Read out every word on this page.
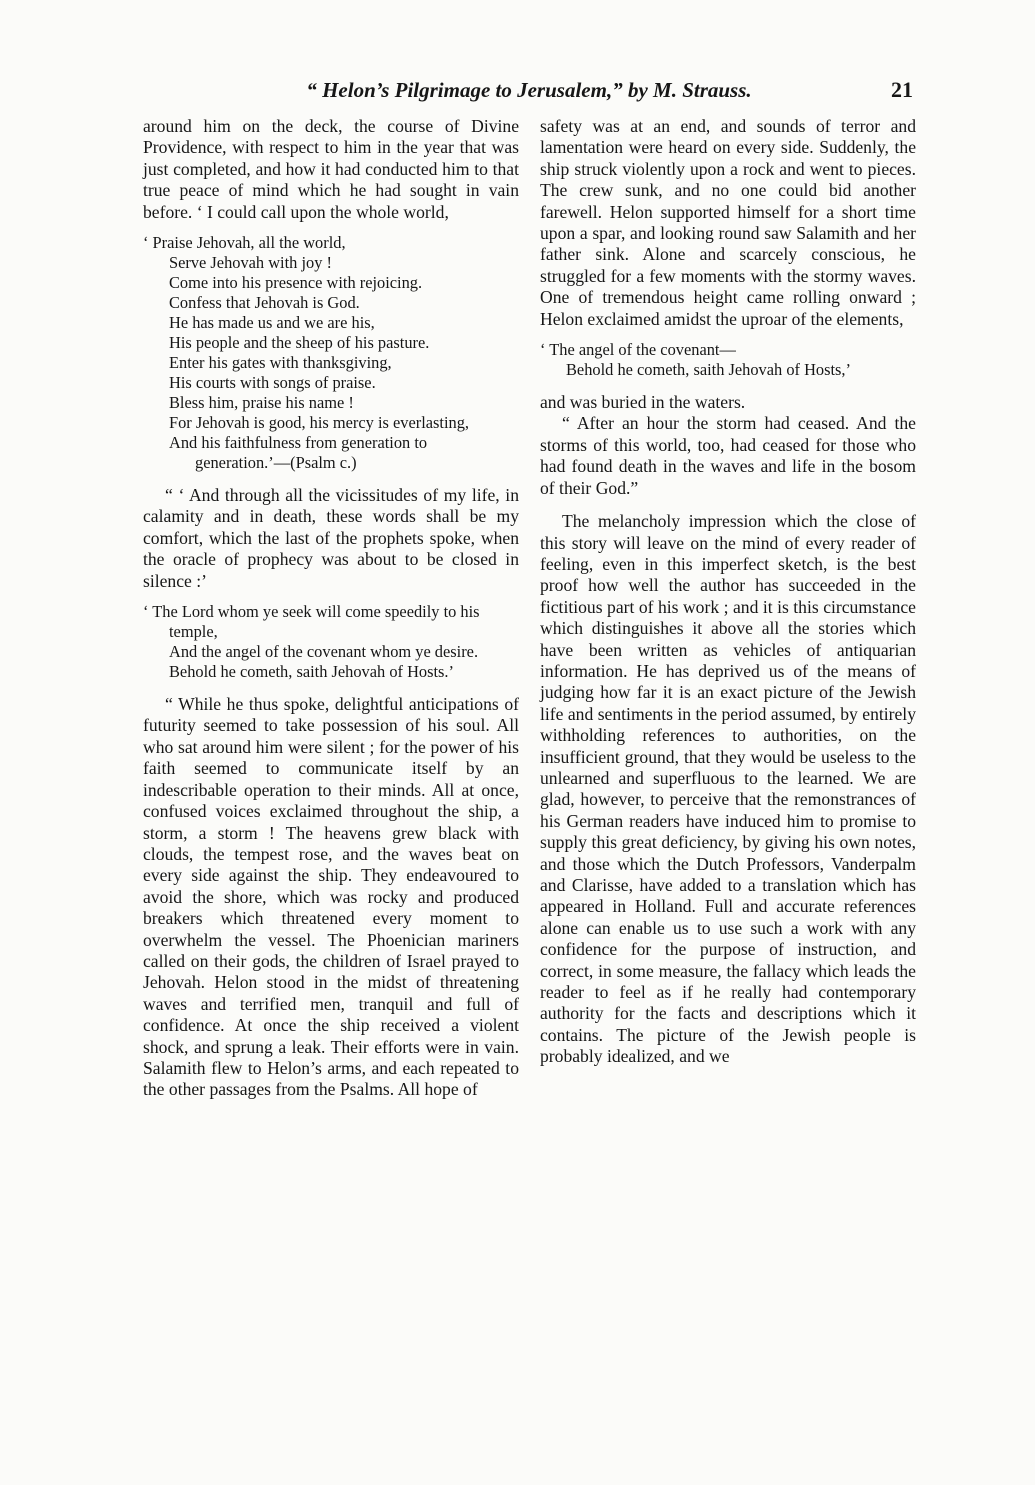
“ Helon’s Pilgrimage to Jerusalem,” by M. Strauss.	21

around him on the deck, the course of Divine Providence, with respect to him in the year that was just completed, and how it had conducted him to that true peace of mind which he had sought in vain before. ‘ I could call upon the whole world,

‘ Praise Jehovah, all the world,
Serve Jehovah with joy !
Come into his presence with rejoicing.
Confess that Jehovah is God.
He has made us and we are his,
His people and the sheep of his pasture.
Enter his gates with thanksgiving,
His courts with songs of praise.
Bless him, praise his name !
For Jehovah is good, his mercy is everlasting,
And his faithfulness from generation to generation.’—(Psalm c.)

“ ‘ And through all the vicissitudes of my life, in calamity and in death, these words shall be my comfort, which the last of the prophets spoke, when the oracle of prophecy was about to be closed in silence :’

‘ The Lord whom ye seek will come speedily to his temple,
And the angel of the covenant whom ye desire.
Behold he cometh, saith Jehovah of Hosts.’

“ While he thus spoke, delightful anticipations of futurity seemed to take possession of his soul. All who sat around him were silent ; for the power of his faith seemed to communicate itself by an indescribable operation to their minds. All at once, confused voices exclaimed throughout the ship, a storm, a storm ! The heavens grew black with clouds, the tempest rose, and the waves beat on every side against the ship. They endeavoured to avoid the shore, which was rocky and produced breakers which threatened every moment to overwhelm the vessel. The Phoenician mariners called on their gods, the children of Israel prayed to Jehovah. Helon stood in the midst of threatening waves and terrified men, tranquil and full of confidence. At once the ship received a violent shock, and sprung a leak. Their efforts were in vain. Salamith flew to Helon’s arms, and each repeated to the other passages from the Psalms. All hope of

safety was at an end, and sounds of terror and lamentation were heard on every side. Suddenly, the ship struck violently upon a rock and went to pieces. The crew sunk, and no one could bid another farewell. Helon supported himself for a short time upon a spar, and looking round saw Salamith and her father sink. Alone and scarcely conscious, he struggled for a few moments with the stormy waves. One of tremendous height came rolling onward ; Helon exclaimed amidst the uproar of the elements,

‘ The angel of the covenant—
Behold he cometh, saith Jehovah of Hosts,’

and was buried in the waters.

“ After an hour the storm had ceased. And the storms of this world, too, had ceased for those who had found death in the waves and life in the bosom of their God.”

The melancholy impression which the close of this story will leave on the mind of every reader of feeling, even in this imperfect sketch, is the best proof how well the author has succeeded in the fictitious part of his work ; and it is this circumstance which distinguishes it above all the stories which have been written as vehicles of antiquarian information. He has deprived us of the means of judging how far it is an exact picture of the Jewish life and sentiments in the period assumed, by entirely withholding references to authorities, on the insufficient ground, that they would be useless to the unlearned and superfluous to the learned. We are glad, however, to perceive that the remonstrances of his German readers have induced him to promise to supply this great deficiency, by giving his own notes, and those which the Dutch Professors, Vanderpalm and Clarisse, have added to a translation which has appeared in Holland. Full and accurate references alone can enable us to use such a work with any confidence for the purpose of instruction, and correct, in some measure, the fallacy which leads the reader to feel as if he really had contemporary authority for the facts and descriptions which it contains. The picture of the Jewish people is probably idealized, and we
